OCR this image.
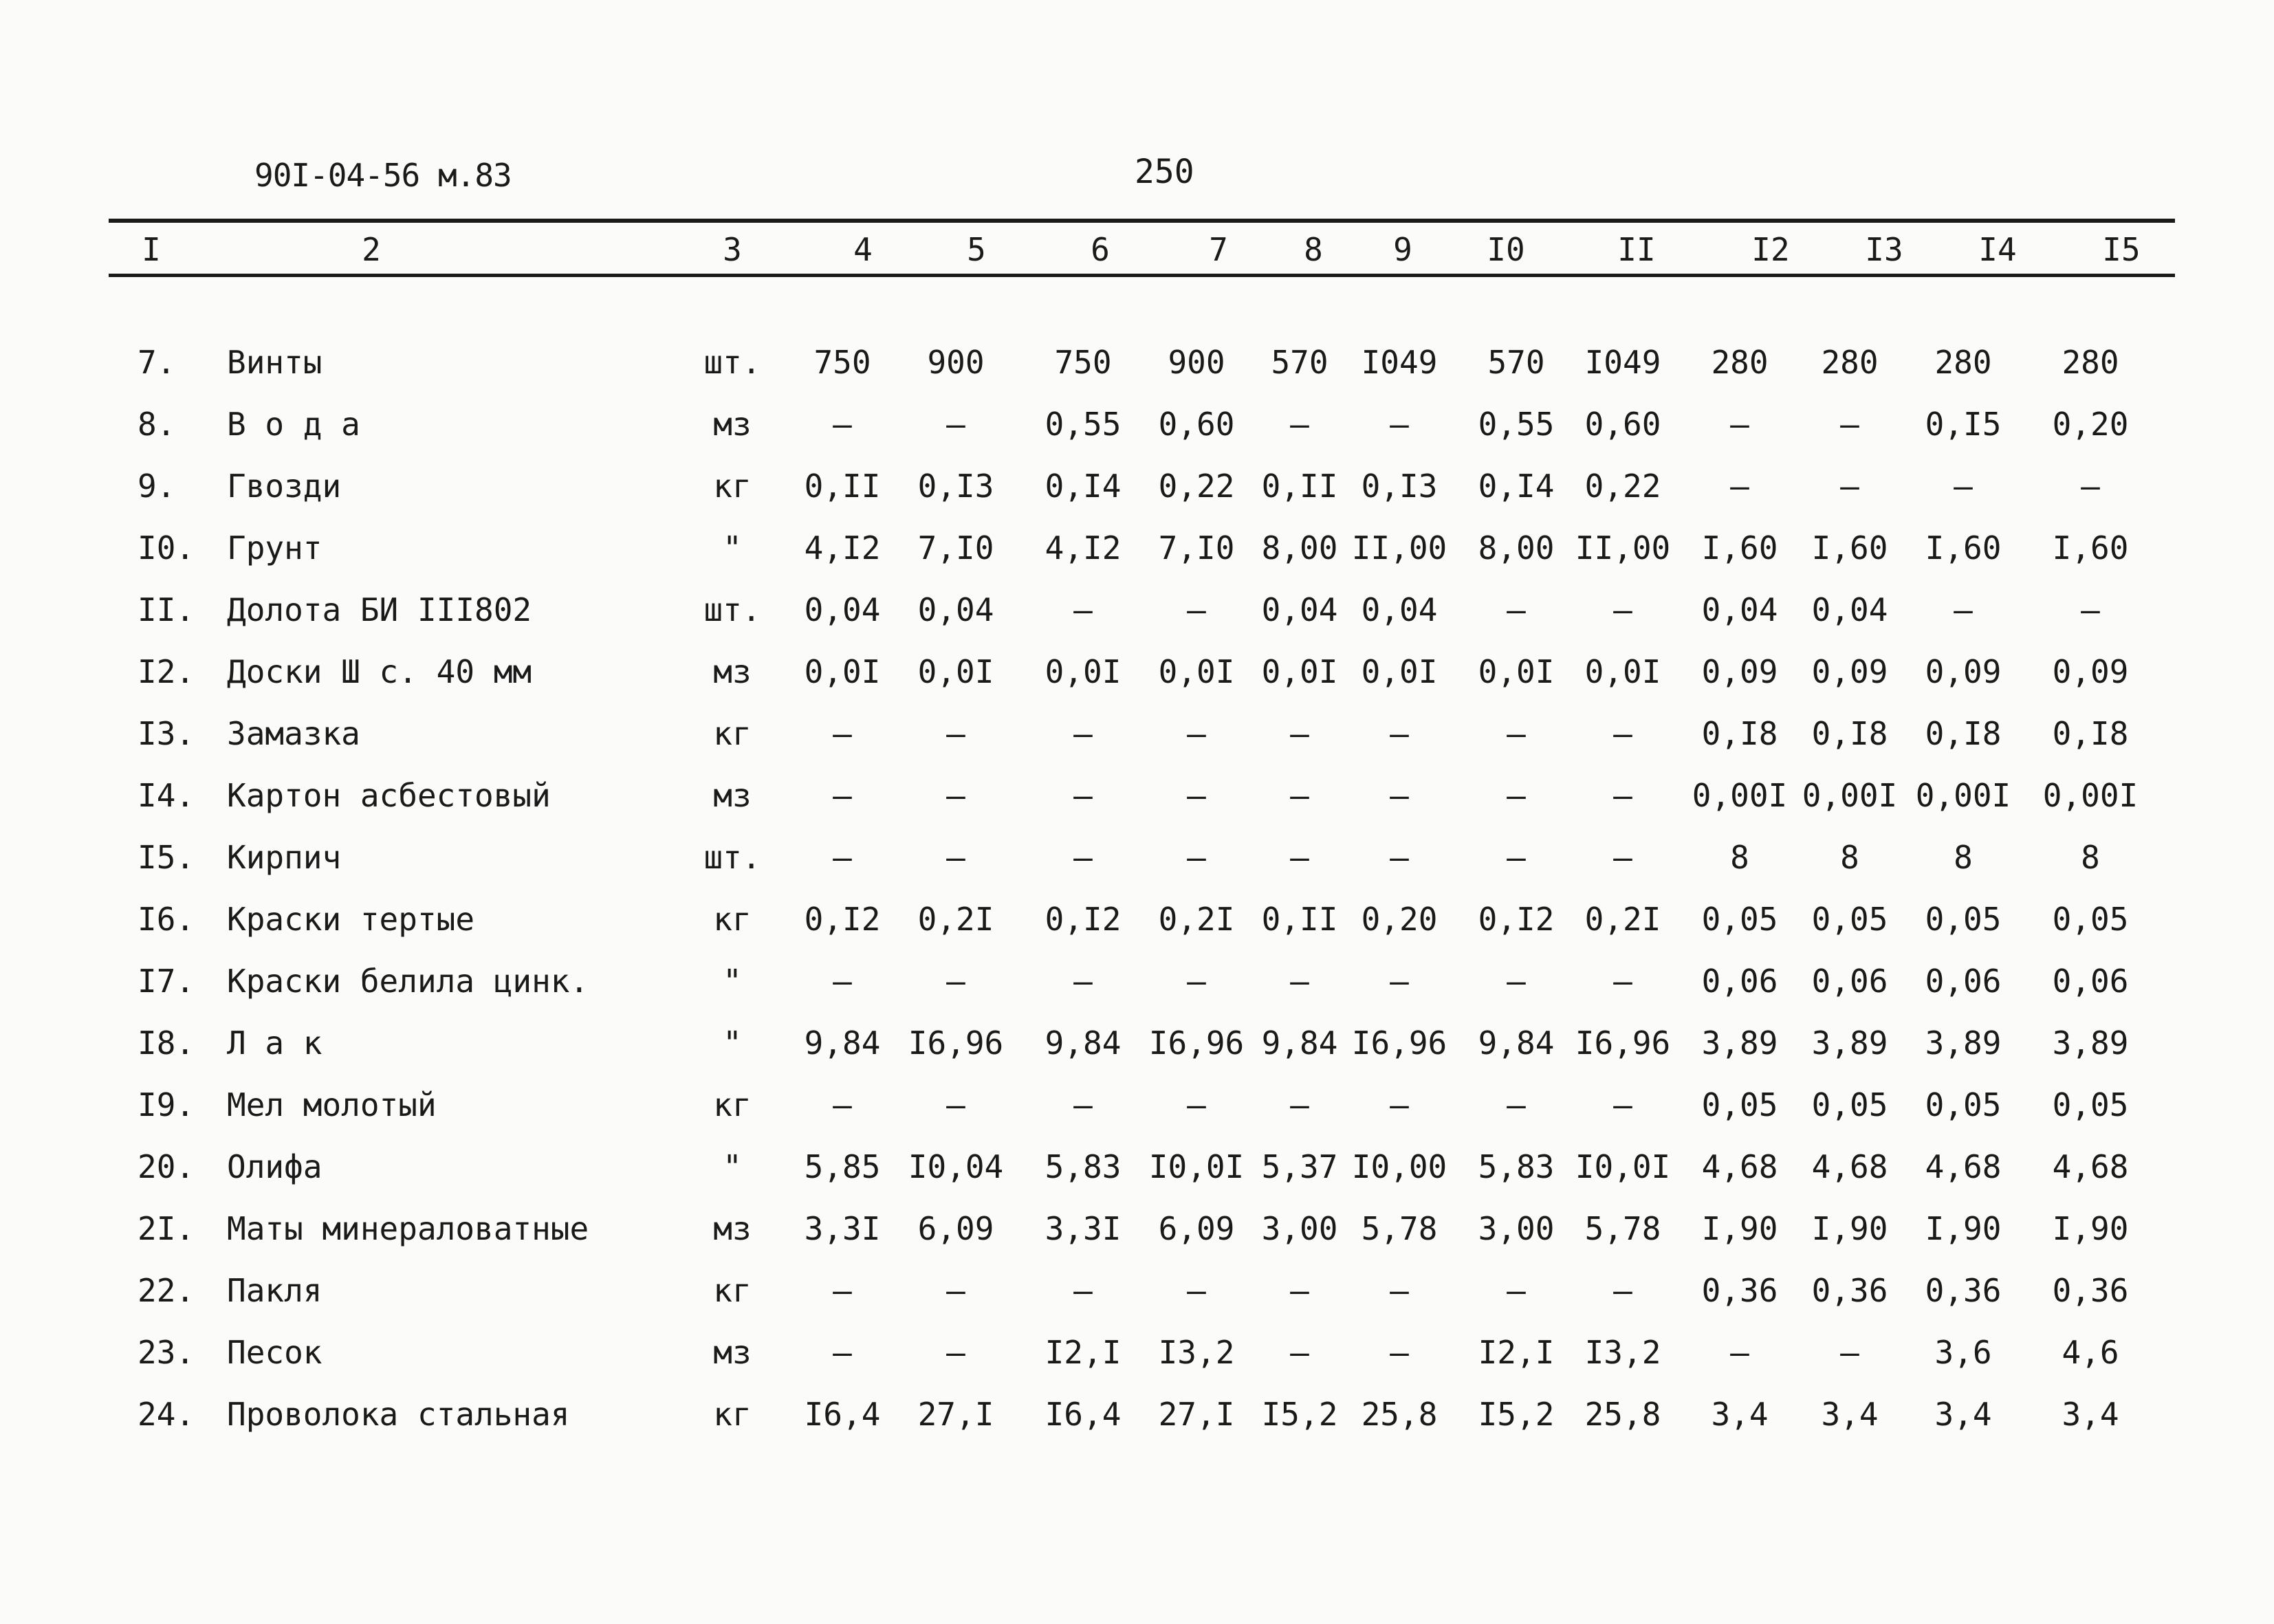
90I-04-56 м.83	250
I	2	3	4	5	6	7 8 9 I0	II	I2 I3 I4	I5
7. Винты	шт. 750 900 750 900 570 I049 570 I049 280 280 280 280
8. В о д а	мз	–	–	0,55 0,60 –	– 0,55 0,60 –	– 0,I5 0,20
9. Гвозди	кг 0,II 0,I3 0,I4 0,22 0,II 0,I3 0,I4 0,22 –	–	–	–
I0. Грунт	" 4,I2 7,I0 4,I2 7,I0 8,00 II,00 8,00 II,00 I,60 I,60 I,60 I,60
II. Долота БИ III802	шт. 0,04 0,04	–	– 0,04 0,04 –	– 0,04 0,04 –	–
I2. Доски Ш с. 40 мм	мз 0,0I 0,0I 0,0I 0,0I 0,0I 0,0I 0,0I 0,0I 0,09 0,09 0,09 0,09
I3. Замазка	кг	–	–	–	–	–	–	–	– 0,I8 0,I8 0,I8 0,I8
I4. Картон асбестовый	мз	–	–	–	–	–	–	–	– 0,00I 0,00I 0,00I 0,00I
I5. Кирпич	шт. –	–	–	–	–	–	–	–	8	8	8	8
I6. Краски тертые	кг 0,I2 0,2I 0,I2 0,2I 0,II 0,20 0,I2 0,2I 0,05 0,05 0,05 0,05
I7. Краски белила цинк.	"	–	–	–	–	–	–	–	– 0,06 0,06 0,06 0,06
I8. Л а к	" 9,84 I6,96 9,84 I6,96 9,84 I6,96 9,84 I6,96 3,89 3,89 3,89 3,89
I9. Мел молотый	кг	–	–	–	–	–	–	–	– 0,05 0,05 0,05 0,05
20. Олифа	" 5,85 I0,04 5,83 I0,0I 5,37 I0,00 5,83 I0,0I 4,68 4,68 4,68 4,68
2I. Маты минераловатные	мз 3,3I 6,09 3,3I 6,09 3,00 5,78 3,00 5,78 I,90 I,90 I,90 I,90
22. Пакля	кг	–	–	–	–	–	–	–	– 0,36 0,36 0,36 0,36
23. Песок	мз	–	–	I2,I I3,2 –	– I2,I I3,2 –	– 3,6 4,6
24. Проволока стальная	кг I6,4 27,I I6,4 27,I I5,2 25,8 I5,2 25,8 3,4 3,4 3,4 3,4
